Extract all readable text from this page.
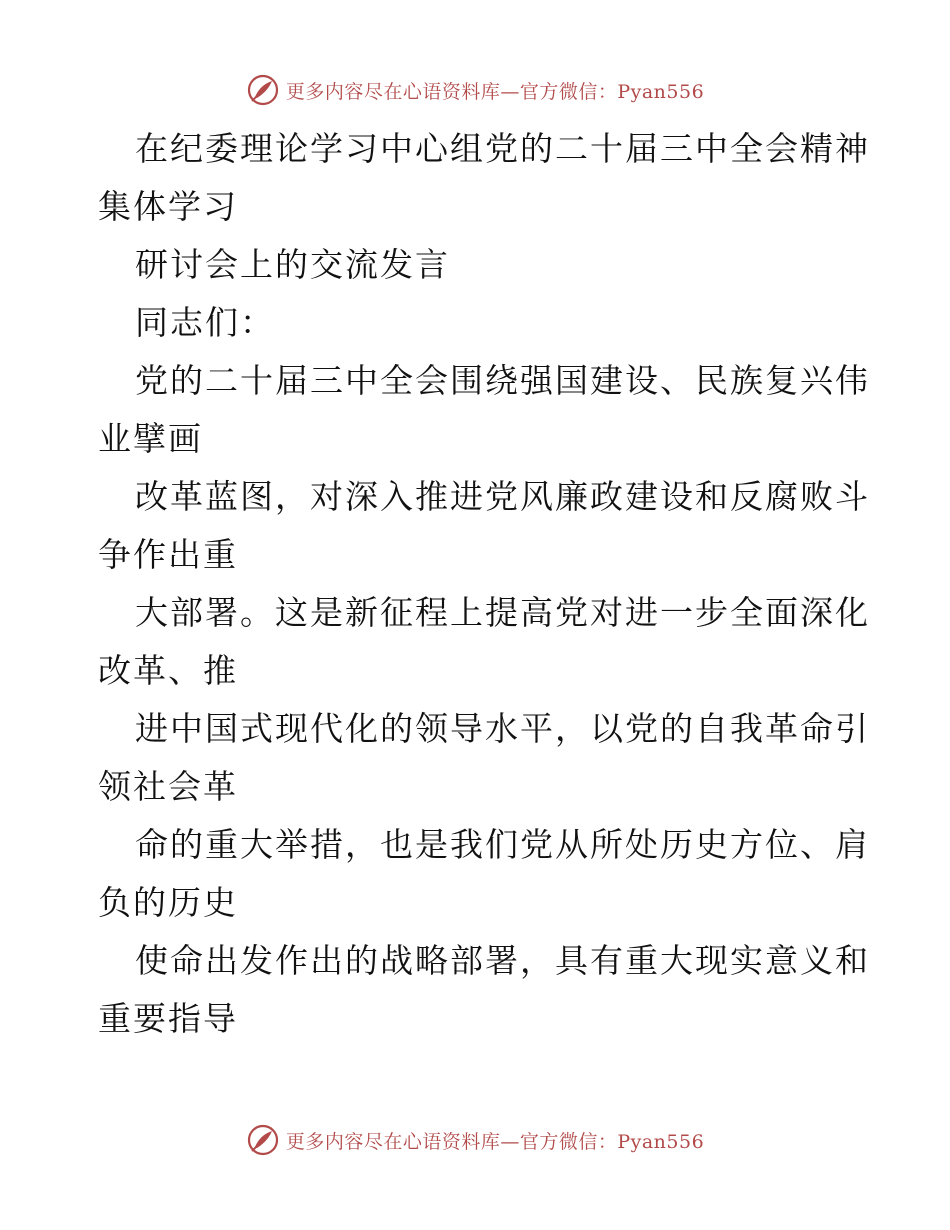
更多内容尽在心语资料库—官方微信：Pyan556

在纪委理论学习中心组党的二十届三中全会精神

集体学习

研讨会上的交流发言

同志们：

党的二十届三中全会围绕强国建设、民族复兴伟

业擘画

改革蓝图，对深入推进党风廉政建设和反腐败斗

争作出重

大部署。这是新征程上提高党对进一步全面深化

改革、推

进中国式现代化的领导水平，以党的自我革命引

领社会革

命的重大举措，也是我们党从所处历史方位、肩

负的历史

使命出发作出的战略部署，具有重大现实意义和

重要指导

更多内容尽在心语资料库—官方微信：Pyan556
